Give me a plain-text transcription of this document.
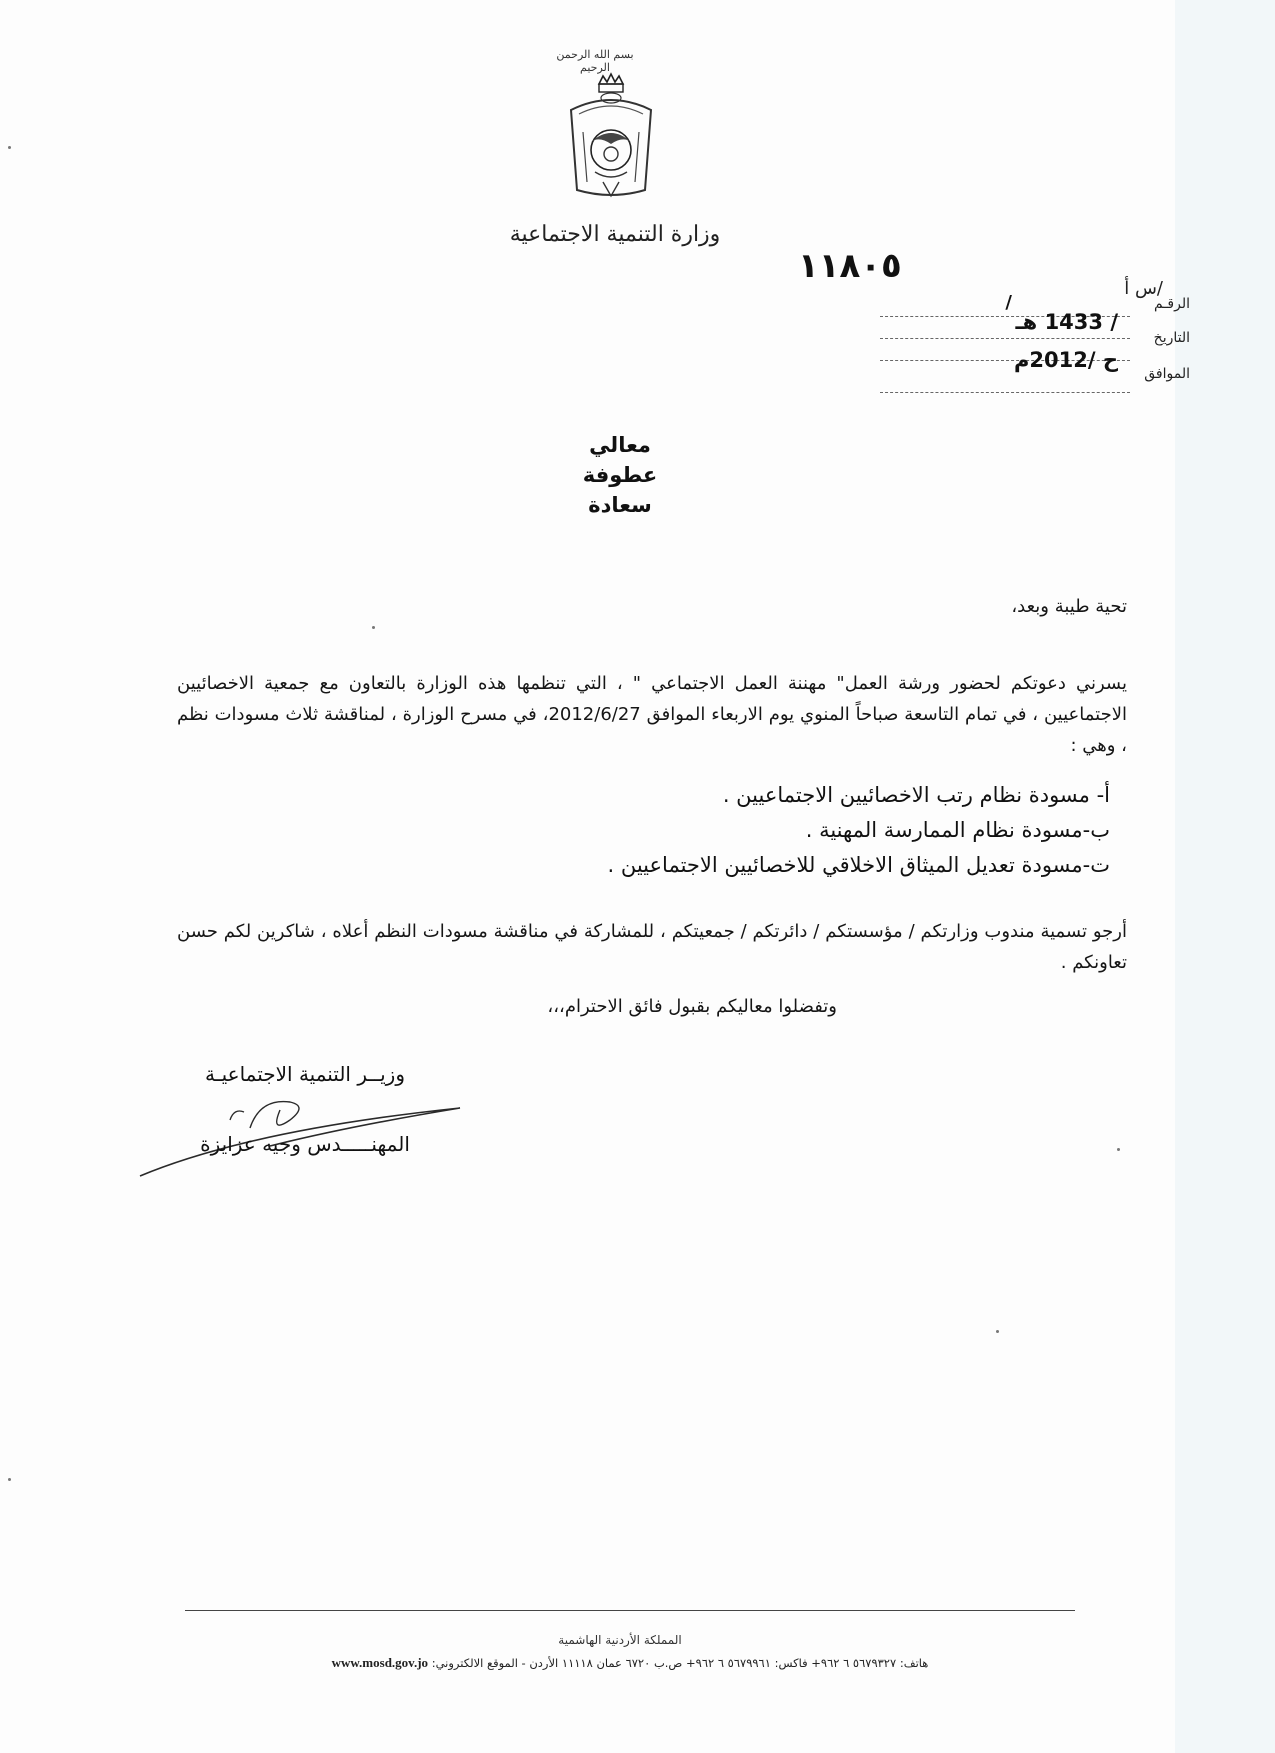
بسم الله الرحمن الرحيم
وزارة التنمية الاجتماعية
١١٨٠٥
س أ/
الرقـم
/
التاريخ
/ 1433 هـ
الموافق
ح /2012م
معالي
عطوفة
سعادة
تحية طيبة وبعد،
يسرني دعوتكم لحضور ورشة العمل" مهننة العمل الاجتماعي " ، التي تنظمها هذه الوزارة بالتعاون مع جمعية الاخصائيين الاجتماعيين ، في تمام التاسعة صباحاً المنوي يوم الاربعاء الموافق 2012/6/27، في مسرح الوزارة ، لمناقشة ثلاث مسودات نظم ، وهي :
أ- مسودة نظام رتب الاخصائيين الاجتماعيين .
ب-مسودة نظام الممارسة المهنية .
ت-مسودة تعديل الميثاق الاخلاقي للاخصائيين الاجتماعيين .
أرجو تسمية مندوب وزارتكم / مؤسستكم / دائرتكم / جمعيتكم ، للمشاركة في مناقشة مسودات النظم أعلاه ، شاكرين لكم حسن تعاونكم .
وتفضلوا معاليكم بقبول فائق الاحترام،،،
وزيــر التنمية الاجتماعيـة
المهنـــــدس وجيه عزايزة
المملكة الأردنية الهاشمية
هاتف: ٥٦٧٩٣٢٧ ٦ ٩٦٢+ فاكس: ٥٦٧٩٩٦١ ٦ ٩٦٢+ ص.ب ٦٧٢٠ عمان ١١١١٨ الأردن - الموقع الالكتروني: www.mosd.gov.jo
